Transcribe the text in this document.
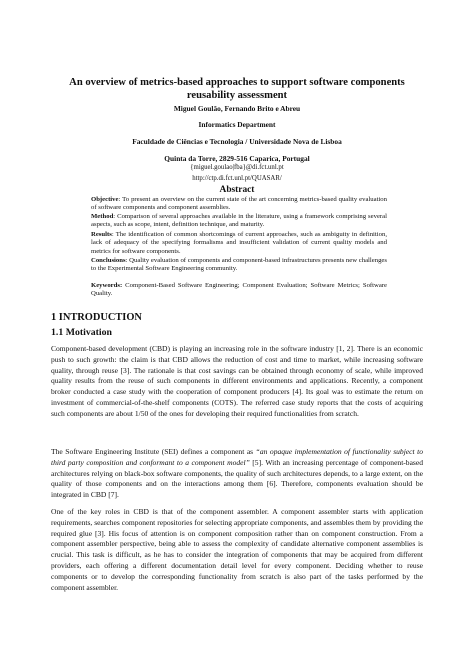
An overview of metrics-based approaches to support software components reusability assessment
Miguel Goulão, Fernando Brito e Abreu
Informatics Department
Faculdade de Ciências e Tecnologia / Universidade Nova de Lisboa
Quinta da Torre, 2829-516 Caparica, Portugal
{miguel.goulao|fba}@di.fct.unl.pt
http://ctp.di.fct.unl.pt/QUASAR/
Abstract
Objective: To present an overview on the current state of the art concerning metrics-based quality evaluation of software components and component assemblies.
Method: Comparison of several approaches available in the literature, using a framework comprising several aspects, such as scope, intent, definition technique, and maturity.
Results: The identification of common shortcomings of current approaches, such as ambiguity in definition, lack of adequacy of the specifying formalisms and insufficient validation of current quality models and metrics for software components.
Conclusions: Quality evaluation of components and component-based infrastructures presents new challenges to the Experimental Software Engineering community.
Keywords: Component-Based Software Engineering; Component Evaluation; Software Metrics; Software Quality.
1 INTRODUCTION
1.1 Motivation
Component-based development (CBD) is playing an increasing role in the software industry [1, 2]. There is an economic push to such growth: the claim is that CBD allows the reduction of cost and time to market, while increasing software quality, through reuse [3]. The rationale is that cost savings can be obtained through economy of scale, while improved quality results from the reuse of such components in different environments and applications. Recently, a component broker conducted a case study with the cooperation of component producers [4]. Its goal was to estimate the return on investment of commercial-of-the-shelf components (COTS). The referred case study reports that the costs of acquiring such components are about 1/50 of the ones for developing their required functionalities from scratch.
The Software Engineering Institute (SEI) defines a component as “an opaque implementation of functionality subject to third party composition and conformant to a component model” [5]. With an increasing percentage of component-based architectures relying on black-box software components, the quality of such architectures depends, to a large extent, on the quality of those components and on the interactions among them [6]. Therefore, components evaluation should be integrated in CBD [7].
One of the key roles in CBD is that of the component assembler. A component assembler starts with application requirements, searches component repositories for selecting appropriate components, and assembles them by providing the required glue [3]. His focus of attention is on component composition rather than on component construction. From a component assembler perspective, being able to assess the complexity of candidate alternative component assemblies is crucial. This task is difficult, as he has to consider the integration of components that may be acquired from different providers, each offering a different documentation detail level for every component. Deciding whether to reuse components or to develop the corresponding functionality from scratch is also part of the tasks performed by the component assembler.
